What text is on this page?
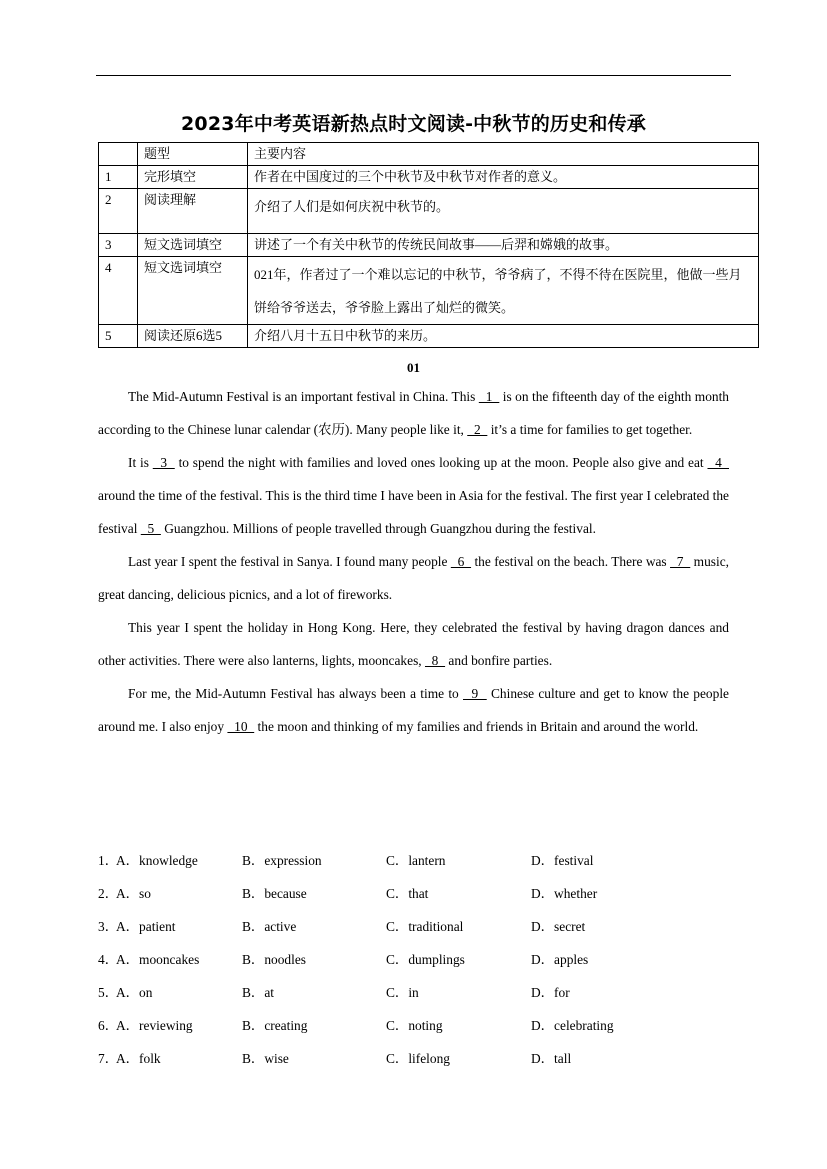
2023年中考英语新热点时文阅读-中秋节的历史和传承
	题型	主要内容
1	完形填空	作者在中国度过的三个中秋节及中秋节对作者的意义。
2	阅读理解	介绍了人们是如何庆祝中秋节的。
3	短文选词填空	讲述了一个有关中秋节的传统民间故事——后羿和嫦娥的故事。
4	短文选词填空	021年，作者过了一个难以忘记的中秋节，爷爷病了，不得不待在医院里，他做一些月饼给爷爷送去，爷爷脸上露出了灿烂的微笑。
5	阅读还原6选5	介绍八月十五日中秋节的来历。
01

The Mid-Autumn Festival is an important festival in China. This   1   is on the fifteenth day of the eighth month according to the Chinese lunar calendar (农历). Many people like it,   2   it’s a time for families to get together.

It is   3   to spend the night with families and loved ones looking up at the moon. People also give and eat   4   around the time of the festival. This is the third time I have been in Asia for the festival. The first year I celebrated the festival   5   Guangzhou. Millions of people travelled through Guangzhou during the festival.

Last year I spent the festival in Sanya. I found many people   6   the festival on the beach. There was   7   music, great dancing, delicious picnics, and a lot of fireworks.

This year I spent the holiday in Hong Kong. Here, they celebrated the festival by having dragon dances and other activities. There were also lanterns, lights, mooncakes,   8   and bonfire parties.

For me, the Mid-Autumn Festival has always been a time to   9   Chinese culture and get to know the people around me. I also enjoy   10   the moon and thinking of my families and friends in Britain and around the world.

1．
A．knowledge	B．expression	C．lantern	D．festival
2．
A．so	B．because	C．that	D．whether
3．
A．patient	B．active	C．traditional	D．secret
4．
A．mooncakes	B．noodles	C．dumplings	D．apples
5．
A．on	B．at	C．in	D．for
6．
A．reviewing	B．creating	C．noting	D．celebrating
7．
A．folk	B．wise	C．lifelong	D．tall
